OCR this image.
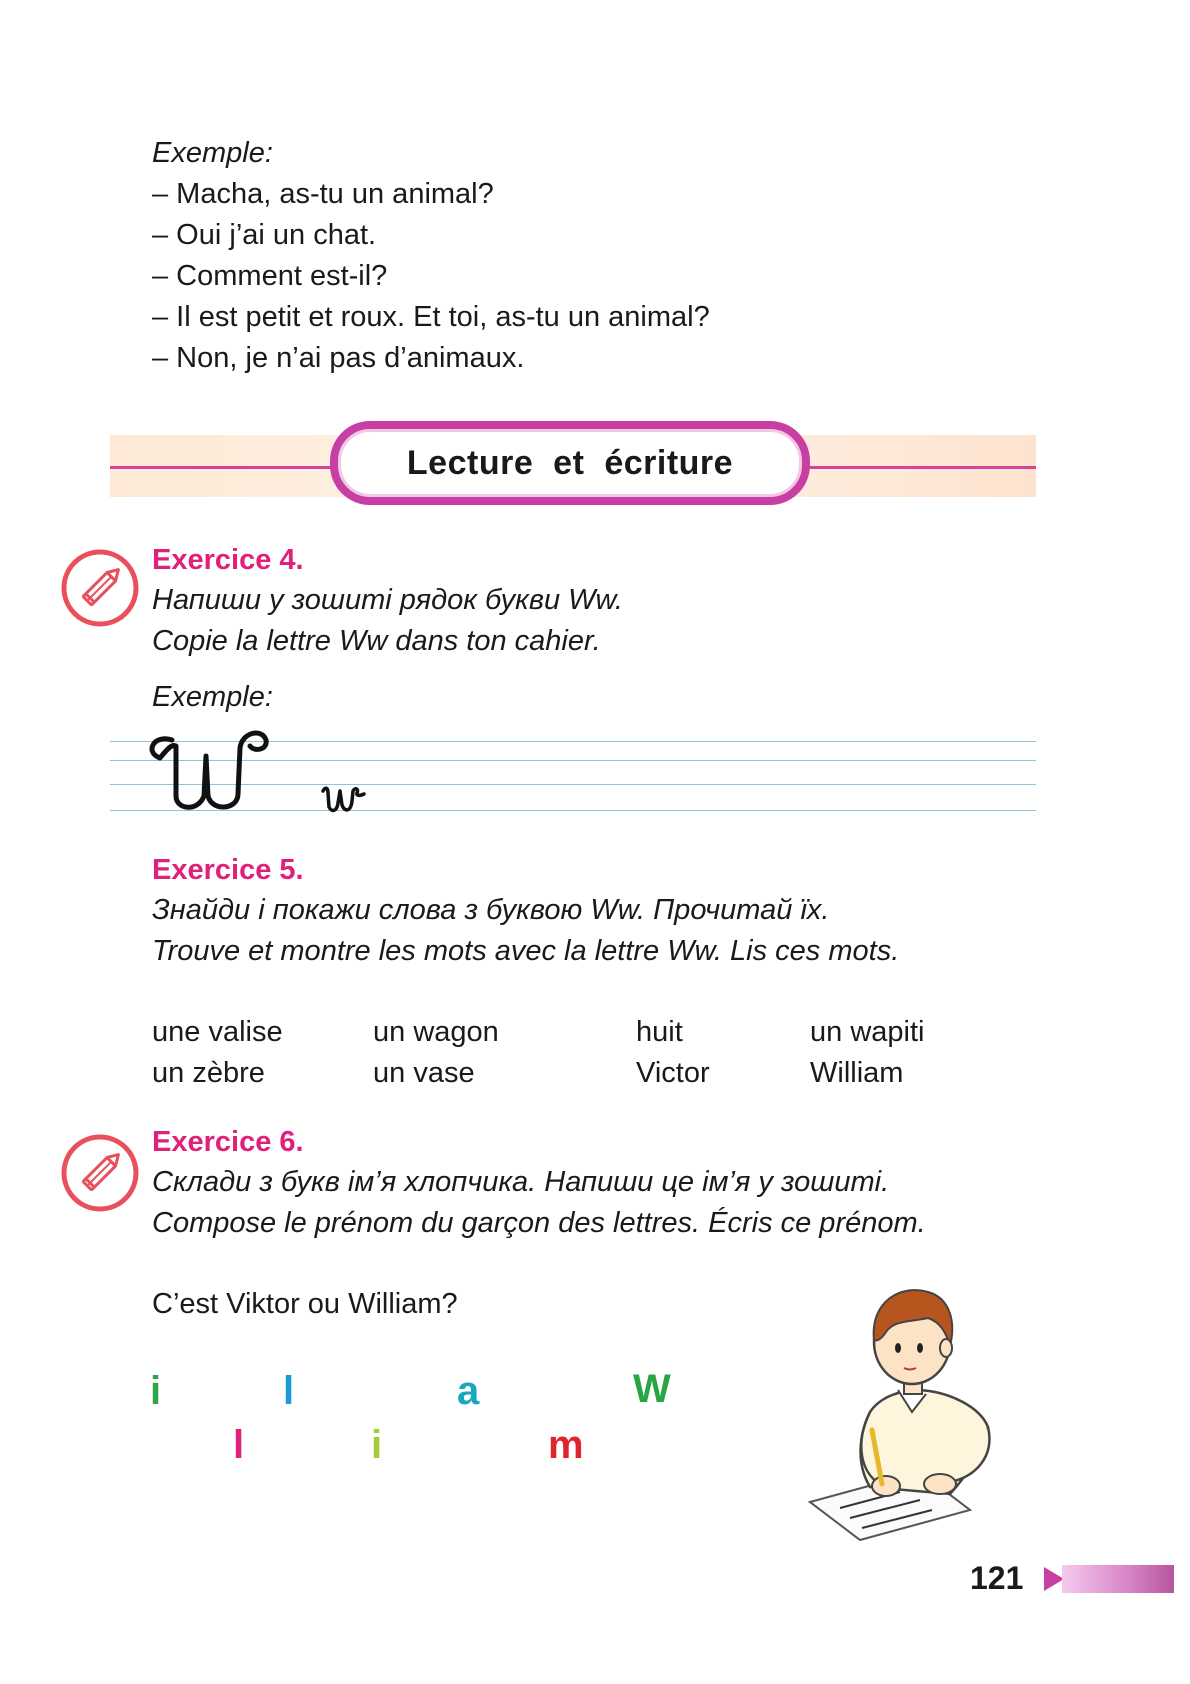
Exemple:
– Macha, as-tu un animal?
– Oui j’ai un chat.
– Comment est-il?
– Il est petit et roux. Et toi, as-tu un animal?
– Non, je n’ai pas d’animaux.
Lecture et écriture
Exercice 4.
Напиши у зошиті рядок букви Ww.
Copie la lettre Ww dans ton cahier.
Exemple:
Exercice 5.
Знайди і покажи слова з буквою Ww. Прочитай їх.
Trouve et montre les mots avec la lettre Ww. Lis ces mots.
une valise	un wagon	huit	un wapiti
un zèbre	un vase	Victor	William
Exercice 6.
Склади з букв ім’я хлопчика. Напиши це ім’я у зошиті.
Compose le prénom du garçon des lettres. Écris ce prénom.
C’est Viktor ou William?
i	l	a	W
l	i	m
121
